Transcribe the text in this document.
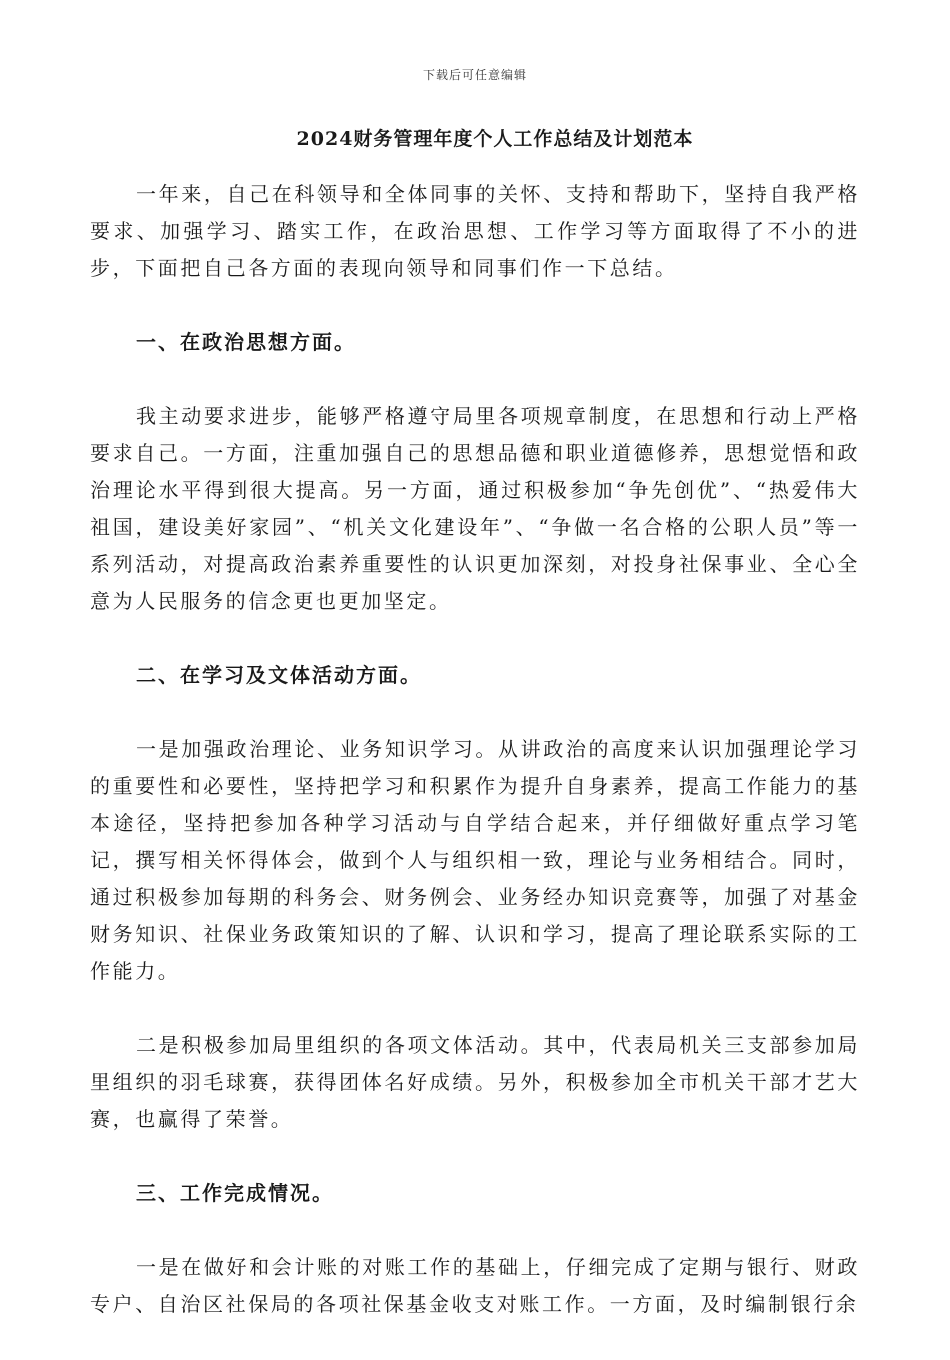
下载后可任意编辑
2024财务管理年度个人工作总结及计划范本

一年来，自己在科领导和全体同事的关怀、支持和帮助下，坚持自我严格要求、加强学习、踏实工作，在政治思想、工作学习等方面取得了不小的进步，下面把自己各方面的表现向领导和同事们作一下总结。

一、在政治思想方面。

我主动要求进步，能够严格遵守局里各项规章制度，在思想和行动上严格要求自己。一方面，注重加强自己的思想品德和职业道德修养，思想觉悟和政治理论水平得到很大提高。另一方面，通过积极参加“争先创优”、“热爱伟大祖国，建设美好家园”、“机关文化建设年”、“争做一名合格的公职人员”等一系列活动，对提高政治素养重要性的认识更加深刻，对投身社保事业、全心全意为人民服务的信念更也更加坚定。

二、在学习及文体活动方面。

一是加强政治理论、业务知识学习。从讲政治的高度来认识加强理论学习的重要性和必要性，坚持把学习和积累作为提升自身素养，提高工作能力的基本途径，坚持把参加各种学习活动与自学结合起来，并仔细做好重点学习笔记，撰写相关怀得体会，做到个人与组织相一致，理论与业务相结合。同时，通过积极参加每期的科务会、财务例会、业务经办知识竞赛等，加强了对基金财务知识、社保业务政策知识的了解、认识和学习，提高了理论联系实际的工作能力。

二是积极参加局里组织的各项文体活动。其中，代表局机关三支部参加局里组织的羽毛球赛，获得团体名好成绩。另外，积极参加全市机关干部才艺大赛，也赢得了荣誉。

三、工作完成情况。

一是在做好和会计账的对账工作的基础上，仔细完成了定期与银行、财政专户、自治区社保局的各项社保基金收支对账工作。一方面，及时编制银行余
